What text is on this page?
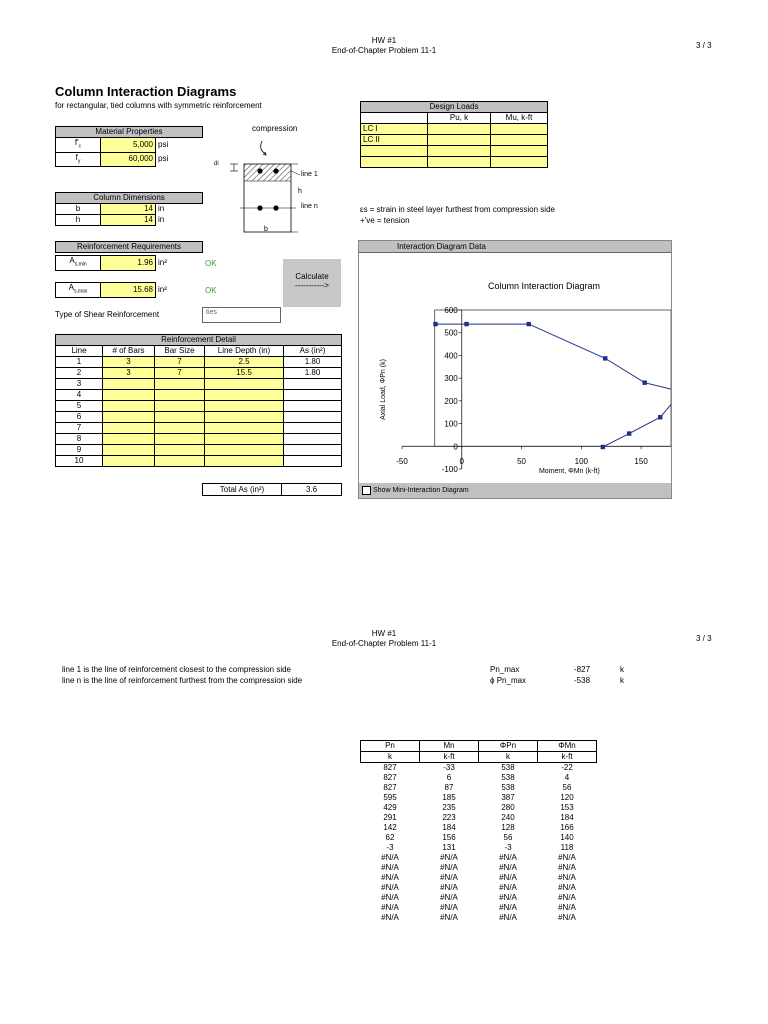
HW #1
End-of-Chapter Problem 11-1
3 / 3
Column Interaction Diagrams
for rectangular, tied columns with symmetric reinforcement
Material Properties		
$f'_c$	5,000	psi
$f_y$	60,000	psi
Column Dimensions		
b	14	in
h	14	in
Reinforcement Requirements
$A_{s,min}$	1.96	in²	OK
$A_{s,max}$	15.68	in²	OK
Calculate
----------->
Type of Shear Reinforcement	ties
compression
di
line 1
h
line n
b
Reinforcement Detail				
Line	# of Bars	Bar Size	Line Depth (in)	As (in²)
1	3	7	2.5	1.80
2	3	7	15.5	1.80
3				
4				
5				
6				
7				
8				
9				
10				
Total As (in²)	3.6
Design Loads		
	Pu, k	Mu, k-ft
LC I		
LC II		

εs = strain in steel layer furthest from compression side
+'ve = tension
Interaction Diagram Data
Column Interaction Diagram
-100
0
100
200
300
400
500
600
-50	0	50	100	150
Moment, ΦMn (k-ft)
Axial Load, ΦPn (k)
Show Mini-Interaction Diagram
HW #1
End-of-Chapter Problem 11-1
3 / 3
line 1 is the line of reinforcement closest to the compression side
line n is the line of reinforcement furthest from the compression side
Pn_max	-827	k
ϕ Pn_max	-538	k
Pn	Mn	ΦPn	ΦMn
k	k-ft	k	k-ft
827	-33	538	-22
827	6	538	4
827	87	538	56
595	185	387	120
429	235	280	153
291	223	240	184
142	184	128	166
62	156	56	140
-3	131	-3	118
#N/A	#N/A	#N/A	#N/A
#N/A	#N/A	#N/A	#N/A
#N/A	#N/A	#N/A	#N/A
#N/A	#N/A	#N/A	#N/A
#N/A	#N/A	#N/A	#N/A
#N/A	#N/A	#N/A	#N/A
#N/A	#N/A	#N/A	#N/A
